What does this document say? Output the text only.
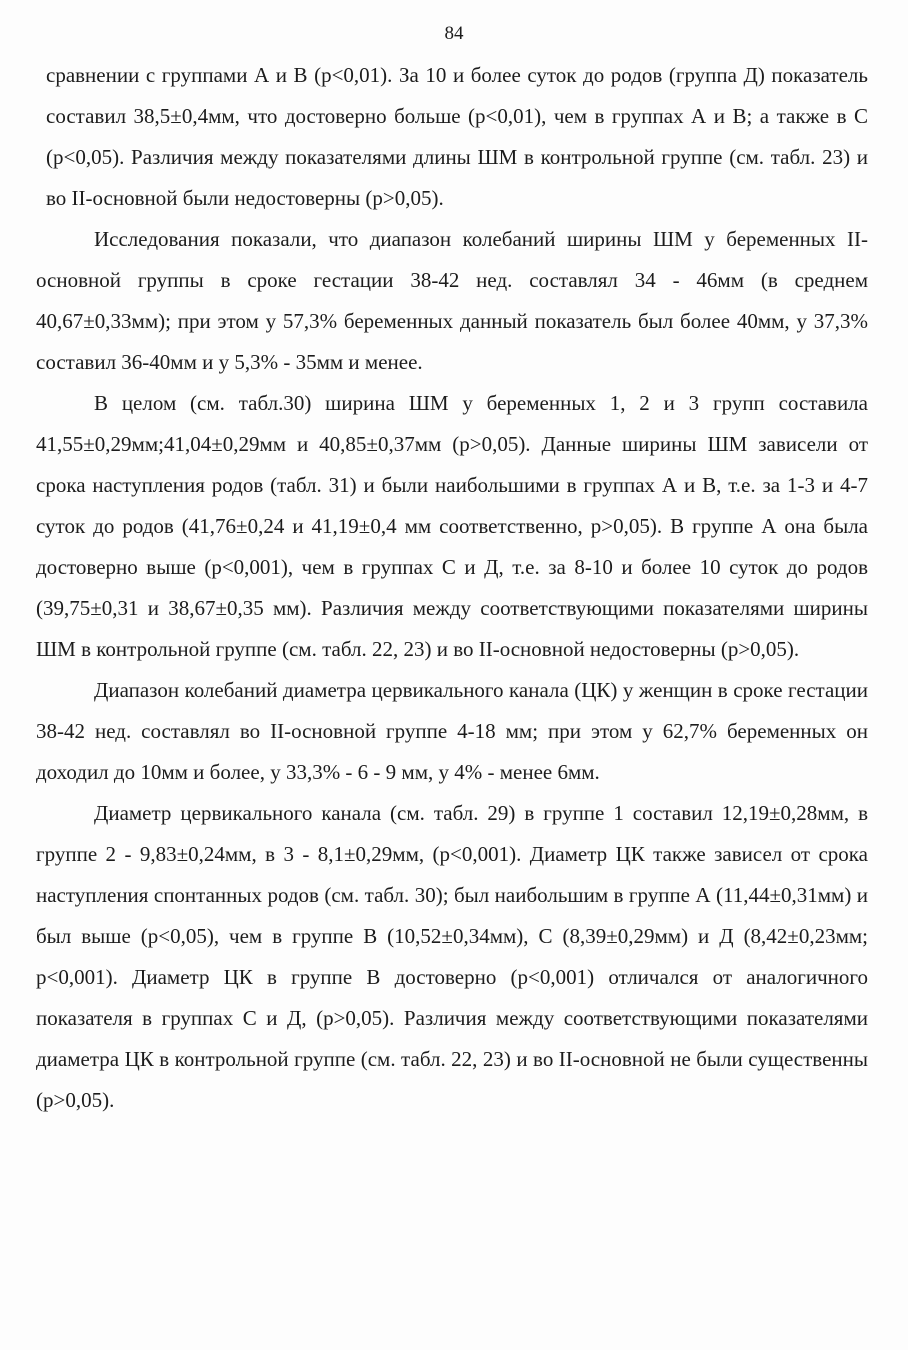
84

сравнении с группами А и В (p<0,01). За 10 и более суток до родов (группа Д) показатель составил 38,5±0,4мм, что достоверно больше (p<0,01), чем в группах А и В; а также в С (p<0,05). Различия между показателями длины ШМ в контрольной группе (см. табл. 23) и во II-основной были недостоверны (p>0,05).

Исследования показали, что диапазон колебаний ширины ШМ у беременных II-основной группы в сроке гестации 38-42 нед. составлял 34 - 46мм (в среднем 40,67±0,33мм); при этом у 57,3% беременных данный показатель был более 40мм, у 37,3% составил 36-40мм и у 5,3% - 35мм и менее.

В целом (см. табл.30) ширина ШМ у беременных 1, 2 и 3 групп составила 41,55±0,29мм;41,04±0,29мм и 40,85±0,37мм (p>0,05). Данные ширины ШМ зависели от срока наступления родов (табл. 31) и были наибольшими в группах А и В, т.е. за 1-3 и 4-7 суток до родов (41,76±0,24 и 41,19±0,4 мм соответственно, p>0,05). В группе А она была достоверно выше (p<0,001), чем в группах С и Д, т.е. за 8-10 и более 10 суток до родов (39,75±0,31 и 38,67±0,35 мм). Различия между соответствующими показателями ширины ШМ в контрольной группе (см. табл. 22, 23) и во II-основной недостоверны (p>0,05).

Диапазон колебаний диаметра цервикального канала (ЦК) у женщин в сроке гестации 38-42 нед. составлял во II-основной группе 4-18 мм; при этом у 62,7% беременных он доходил до 10мм и более, у 33,3% - 6 - 9 мм, у 4% - менее 6мм.

Диаметр цервикального канала (см. табл. 29) в группе 1 составил 12,19±0,28мм, в группе 2 - 9,83±0,24мм, в 3 - 8,1±0,29мм, (p<0,001). Диаметр ЦК также зависел от срока наступления спонтанных родов (см. табл. 30); был наибольшим в группе А (11,44±0,31мм) и был выше (p<0,05), чем в группе В (10,52±0,34мм), С (8,39±0,29мм) и Д (8,42±0,23мм; p<0,001). Диаметр ЦК в группе В достоверно (p<0,001) отличался от аналогичного показателя в группах С и Д, (p>0,05). Различия между соответствующими показателями диаметра ЦК в контрольной группе (см. табл. 22, 23) и во II-основной не были существенны (p>0,05).
